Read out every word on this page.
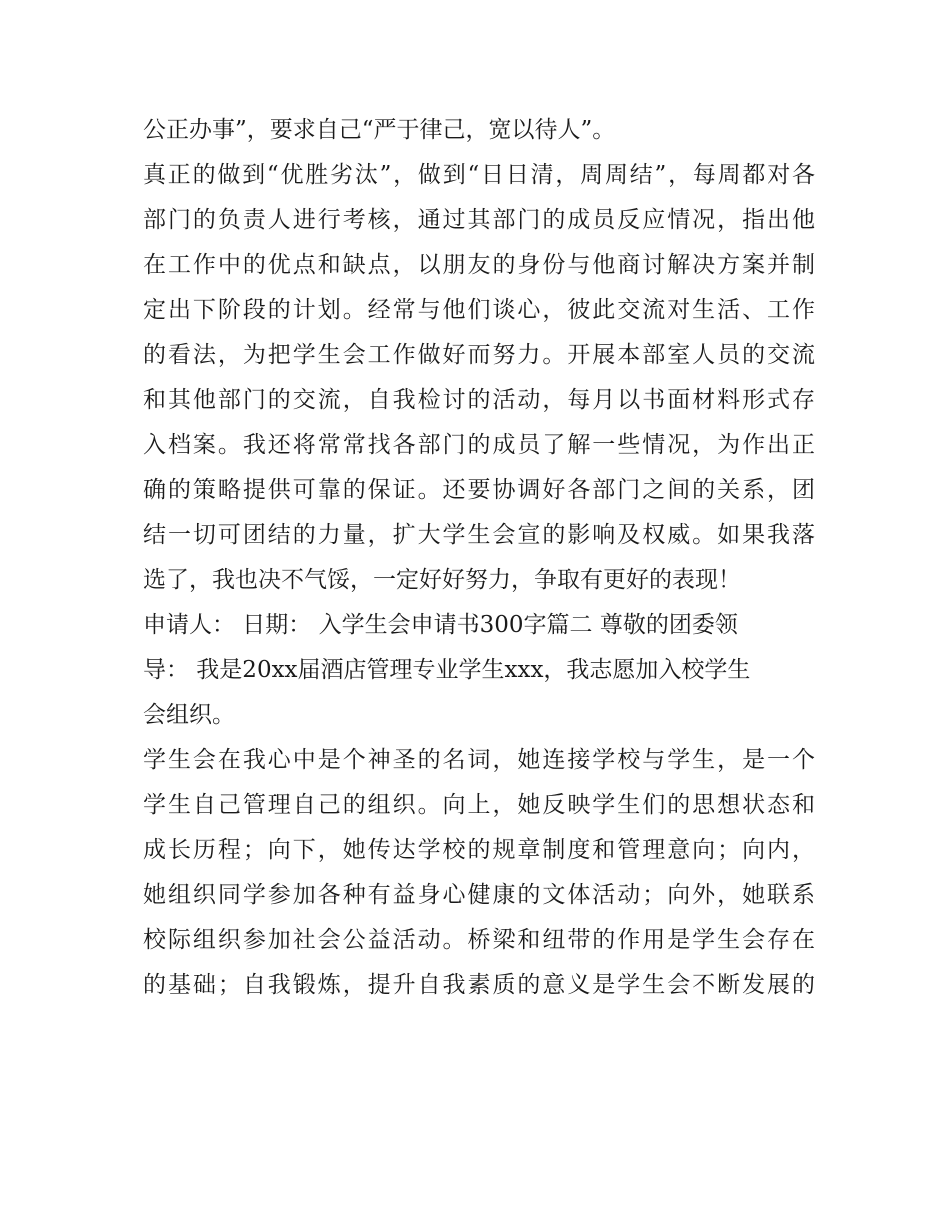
公正办事”，要求自己“严于律己，宽以待人”。
真正的做到“优胜劣汰”，做到“日日清，周周结”，每周都对各
部门的负责人进行考核，通过其部门的成员反应情况，指出他
在工作中的优点和缺点，以朋友的身份与他商讨解决方案并制
定出下阶段的计划。经常与他们谈心，彼此交流对生活、工作
的看法，为把学生会工作做好而努力。开展本部室人员的交流
和其他部门的交流，自我检讨的活动，每月以书面材料形式存
入档案。我还将常常找各部门的成员了解一些情况，为作出正
确的策略提供可靠的保证。还要协调好各部门之间的关系，团
结一切可团结的力量，扩大学生会宣的影响及权威。如果我落
选了，我也决不气馁，一定好好努力，争取有更好的表现！
申请人： 日期： 入学生会申请书300字篇二 尊敬的团委领
导： 我是20xx届酒店管理专业学生xxx，我志愿加入校学生
会组织。
学生会在我心中是个神圣的名词，她连接学校与学生，是一个
学生自己管理自己的组织。向上，她反映学生们的思想状态和
成长历程；向下，她传达学校的规章制度和管理意向；向内，
她组织同学参加各种有益身心健康的文体活动；向外，她联系
校际组织参加社会公益活动。桥梁和纽带的作用是学生会存在
的基础；自我锻炼，提升自我素质的意义是学生会不断发展的
